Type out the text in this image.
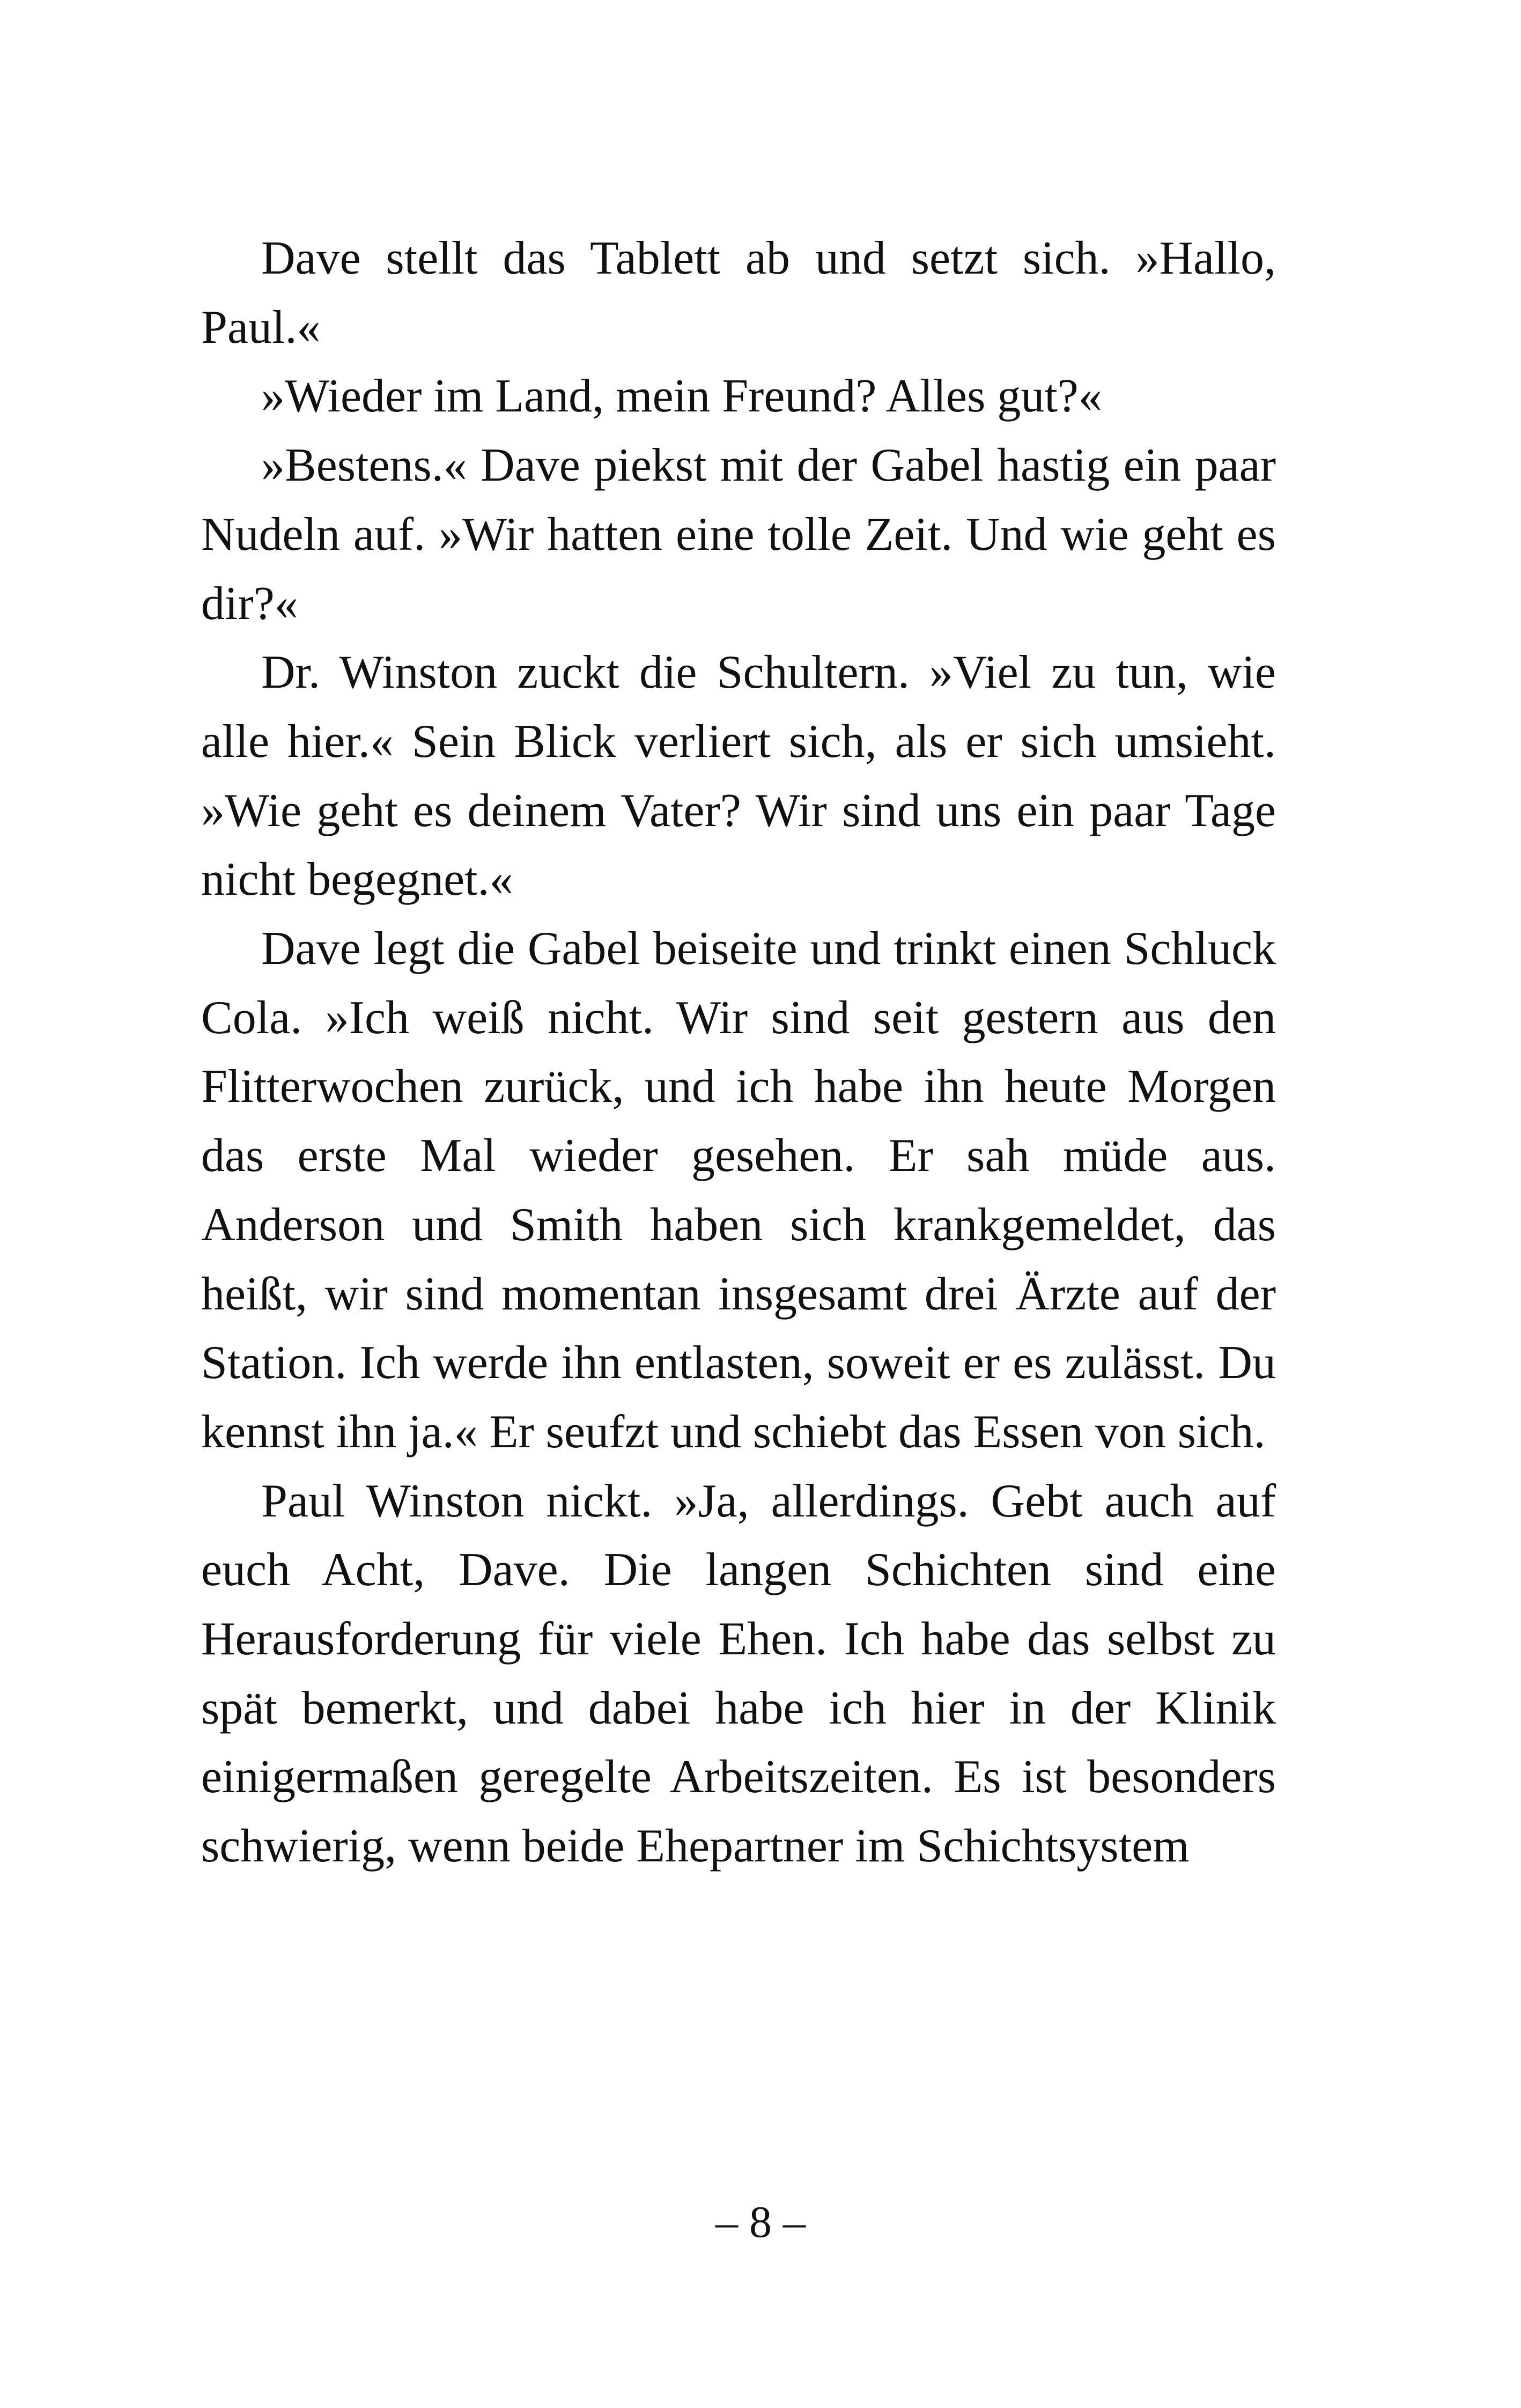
Dave stellt das Tablett ab und setzt sich. »Hallo, Paul.«

»Wieder im Land, mein Freund? Alles gut?«

»Bestens.« Dave piekst mit der Gabel hastig ein paar Nudeln auf. »Wir hatten eine tolle Zeit. Und wie geht es dir?«

Dr. Winston zuckt die Schultern. »Viel zu tun, wie alle hier.« Sein Blick verliert sich, als er sich umsieht. »Wie geht es deinem Vater? Wir sind uns ein paar Tage nicht begegnet.«

Dave legt die Gabel beiseite und trinkt einen Schluck Cola. »Ich weiß nicht. Wir sind seit gestern aus den Flitterwochen zurück, und ich habe ihn heute Morgen das erste Mal wieder gesehen. Er sah müde aus. Anderson und Smith haben sich krankgemeldet, das heißt, wir sind momentan insgesamt drei Ärzte auf der Station. Ich werde ihn entlasten, soweit er es zulässt. Du kennst ihn ja.« Er seufzt und schiebt das Essen von sich.

Paul Winston nickt. »Ja, allerdings. Gebt auch auf euch Acht, Dave. Die langen Schichten sind eine Herausforderung für viele Ehen. Ich habe das selbst zu spät bemerkt, und dabei habe ich hier in der Klinik einigermaßen geregelte Arbeitszeiten. Es ist besonders schwierig, wenn beide Ehepartner im Schichtsystem

– 8 –
